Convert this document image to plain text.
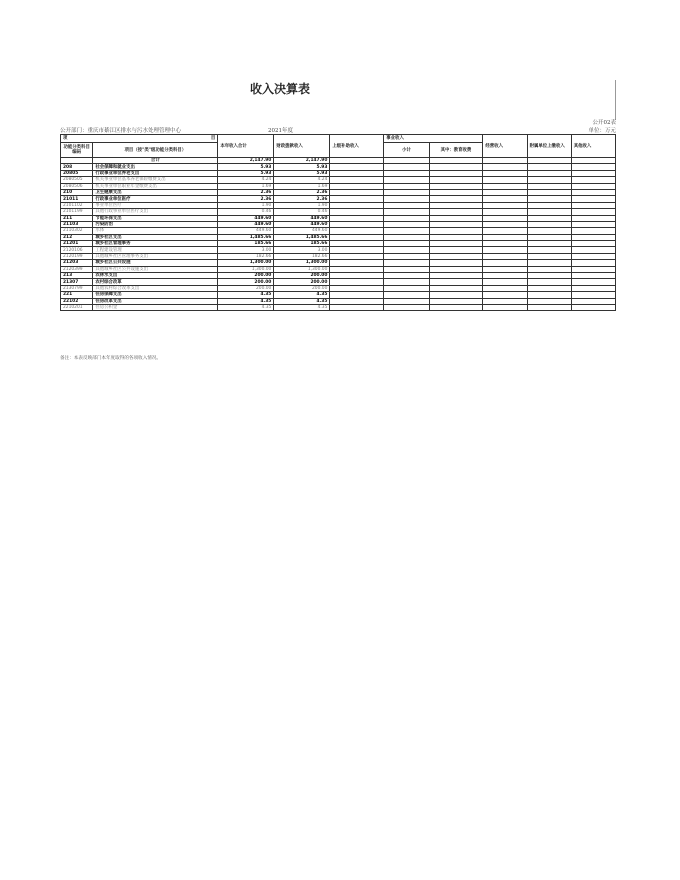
收入决算表
公开02表
公开部门：重庆市綦江区排水与污水处理管理中心	2021年度	单位：万元
项 目		本年收入合计	财政拨款收入	上级补助收入	事业收入		经营收入	附属单位上缴收入	其他收入
功能分类科目编码	项目（按"类"级功能分类科目）				小计	其中：教育收费			

	合计	2,147.90	2,147.90						
208	社会保障和就业支出	5.93	5.93						
20805	行政事业单位养老支出	5.93	5.93						
2080505	机关事业单位基本养老保险缴费支出	4.24	4.24						
2080506	机关事业单位职业年金缴费支出	1.69	1.69						
210	卫生健康支出	2.36	2.36						
21011	行政事业单位医疗	2.36	2.36						
2101102	事业单位医疗	1.90	1.90						
2101199	其他行政事业单位医疗支出	0.46	0.46						
211	节能环保支出	449.60	449.60						
21103	污染防治	449.60	449.60						
2110302	水体	449.60	449.60						
212	城乡社区支出	1,485.66	1,485.66						
21201	城乡社区管理事务	185.66	185.66						
2120106	工程建设管理	3.00	3.00						
2120199	其他城乡社区管理事务支出	182.66	182.66						
21203	城乡社区公共设施	1,300.00	1,300.00						
2120399	其他城乡社区公共设施支出	1,300.00	1,300.00						
213	农林水支出	200.00	200.00						
21307	农村综合改革	200.00	200.00						
2130799	其他农村综合改革支出	200.00	200.00						
221	住房保障支出	4.35	4.35						
22102	住房改革支出	4.35	4.35						
2210201	住房公积金	4.35	4.35						
备注：本表反映部门本年度取得的各项收入情况。
